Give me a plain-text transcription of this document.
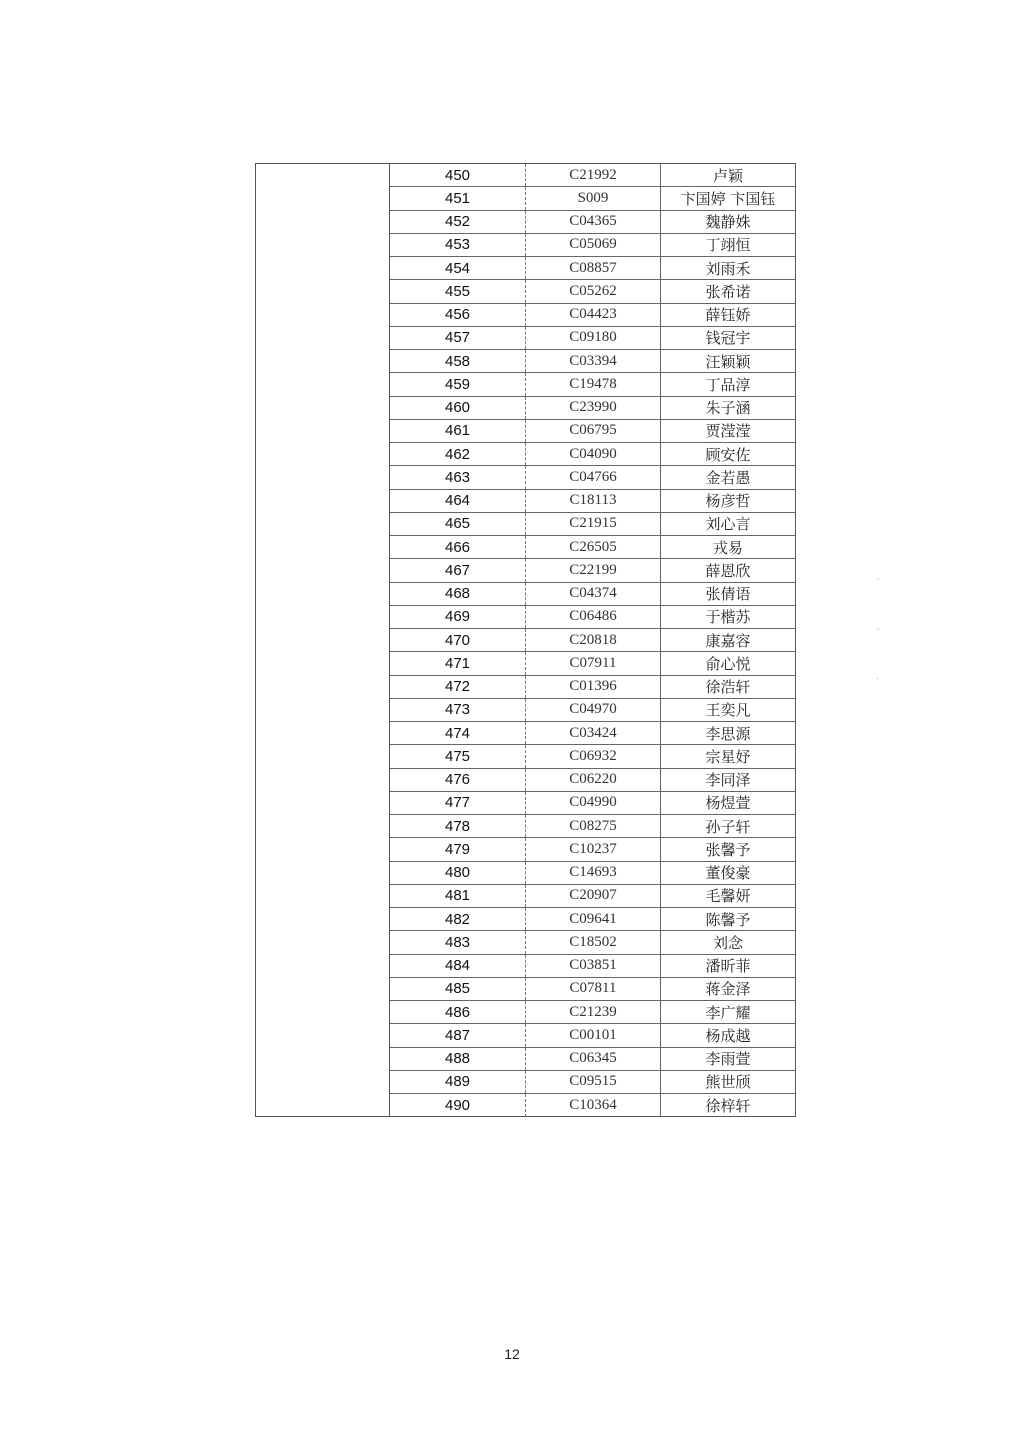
450	C21992	卢颖
451	S009	卞国婷 卞国钰
452	C04365	魏静姝
453	C05069	丁翊恒
454	C08857	刘雨禾
455	C05262	张希诺
456	C04423	薛钰娇
457	C09180	钱冠宇
458	C03394	汪颖颖
459	C19478	丁品淳
460	C23990	朱子涵
461	C06795	贾滢滢
462	C04090	顾安佐
463	C04766	金若愚
464	C18113	杨彦哲
465	C21915	刘心言
466	C26505	戎易
467	C22199	薛恩欣
468	C04374	张倩语
469	C06486	于楷苏
470	C20818	康嘉容
471	C07911	俞心悦
472	C01396	徐浩轩
473	C04970	王奕凡
474	C03424	李思源
475	C06932	宗星妤
476	C06220	李同泽
477	C04990	杨煜萱
478	C08275	孙子轩
479	C10237	张馨予
480	C14693	董俊豪
481	C20907	毛馨妍
482	C09641	陈馨予
483	C18502	刘念
484	C03851	潘昕菲
485	C07811	蒋金泽
486	C21239	李广耀
487	C00101	杨成越
488	C06345	李雨萱
489	C09515	熊世颀
490	C10364	徐梓轩
·
·
·
12
